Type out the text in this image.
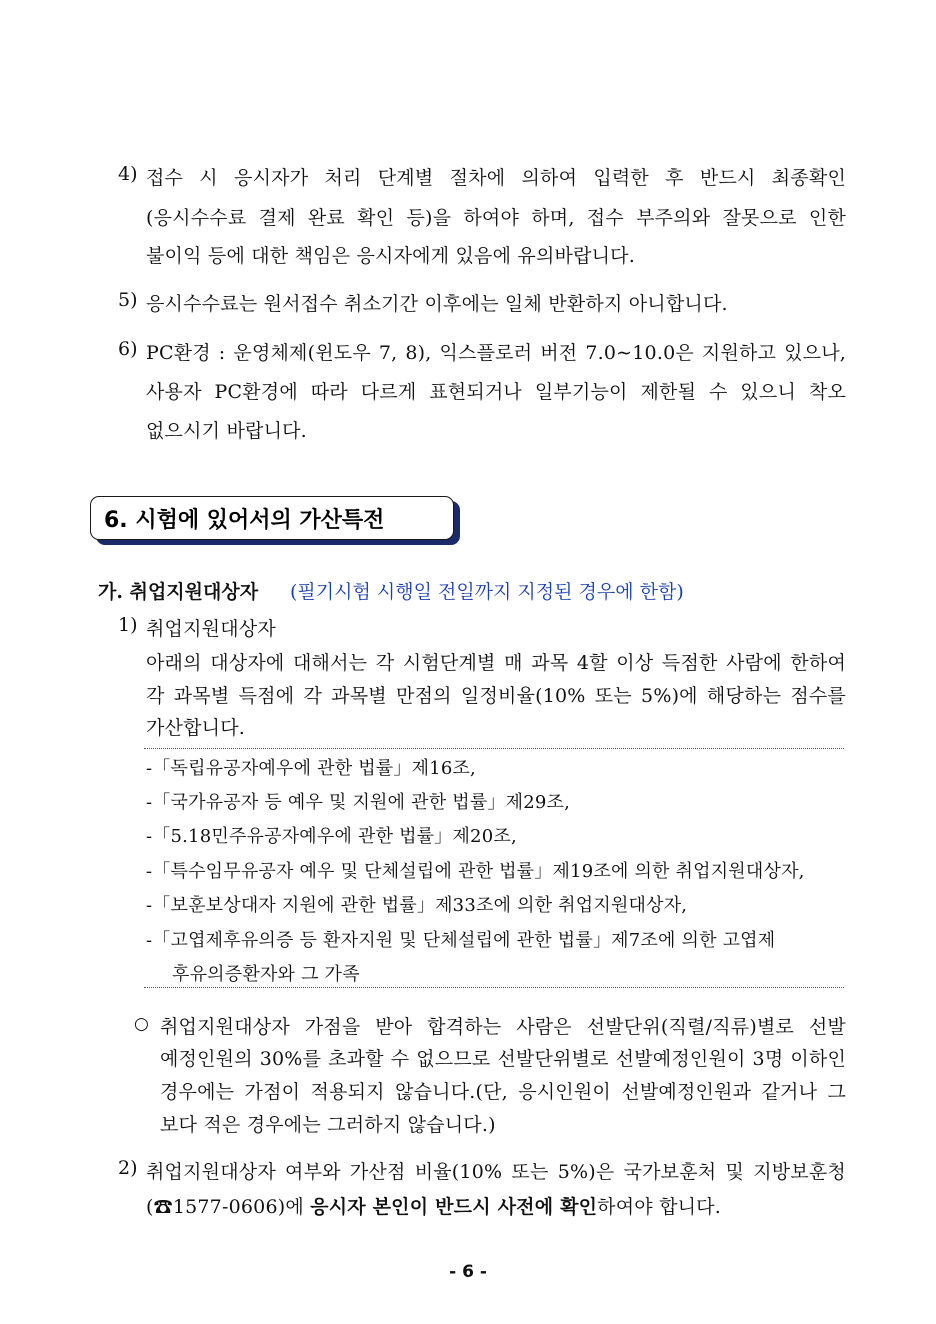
4) 접수 시 응시자가 처리 단계별 절차에 의하여 입력한 후 반드시 최종확인
(응시수수료 결제 완료 확인 등)을 하여야 하며, 접수 부주의와 잘못으로 인한
불이익 등에 대한 책임은 응시자에게 있음에 유의바랍니다.
5) 응시수수료는 원서접수 취소기간 이후에는 일체 반환하지 아니합니다.
6) PC환경 : 운영체제(윈도우 7, 8), 익스플로러 버전 7.0∼10.0은 지원하고 있으나,
사용자 PC환경에 따라 다르게 표현되거나 일부기능이 제한될 수 있으니 착오
없으시기 바랍니다.
6. 시험에 있어서의 가산특전
가. 취업지원대상자 (필기시험 시행일 전일까지 지정된 경우에 한함)
1) 취업지원대상자
아래의 대상자에 대해서는 각 시험단계별 매 과목 4할 이상 득점한 사람에 한하여
각 과목별 득점에 각 과목별 만점의 일정비율(10% 또는 5%)에 해당하는 점수를
가산합니다.
-「독립유공자예우에 관한 법률」제16조,
-「국가유공자 등 예우 및 지원에 관한 법률」제29조,
-「5.18민주유공자예우에 관한 법률」제20조,
-「특수임무유공자 예우 및 단체설립에 관한 법률」제19조에 의한 취업지원대상자,
-「보훈보상대자 지원에 관한 법률」제33조에 의한 취업지원대상자,
-「고엽제후유의증 등 환자지원 및 단체설립에 관한 법률」제7조에 의한 고엽제
후유의증환자와 그 가족
○ 취업지원대상자 가점을 받아 합격하는 사람은 선발단위(직렬/직류)별로 선발
예정인원의 30%를 초과할 수 없으므로 선발단위별로 선발예정인원이 3명 이하인
경우에는 가점이 적용되지 않습니다.(단, 응시인원이 선발예정인원과 같거나 그
보다 적은 경우에는 그러하지 않습니다.)
2) 취업지원대상자 여부와 가산점 비율(10% 또는 5%)은 국가보훈처 및 지방보훈청
(☎1577-0606)에 응시자 본인이 반드시 사전에 확인하여야 합니다.
- 6 -
